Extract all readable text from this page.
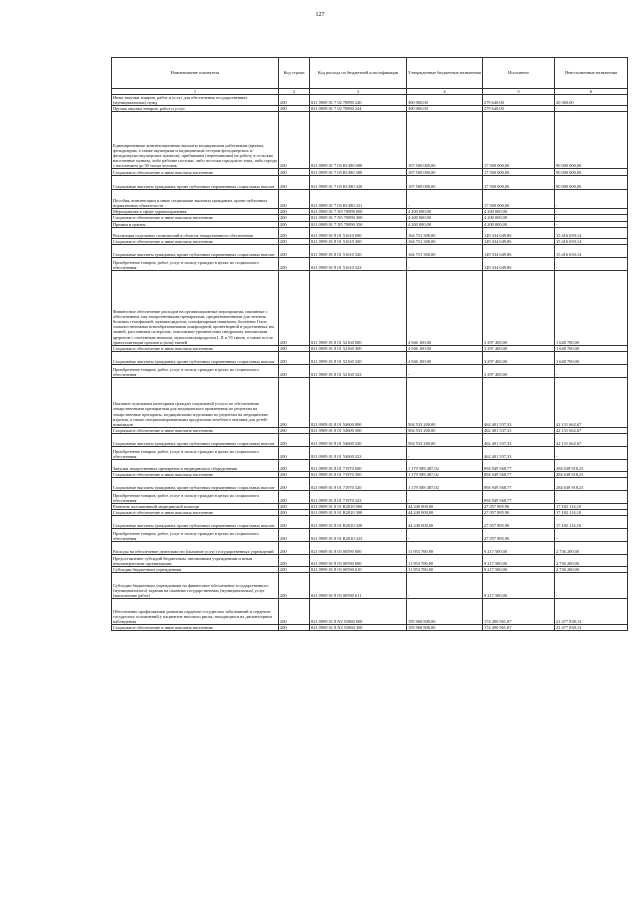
127
Наименование показателя	Код строки	Код расхода по бюджетной классификации	Утвержденные бюджетные назначения	Исполнено	Неисполненные назначения
1	2	3	4	5	6
Иные закупки товаров, работ и услуг для обеспечения государственных (муниципальных) нужд	200	821 0909 01 7 02 70890 240	300 000,00	279 640,00	20 360,00
Прочая закупка товаров, работ и услуг	200	821 0909 01 7 02 70890 244	300 000,00	279 640,00	-
Единовременные компенсационные выплаты медицинским работникам (врачам, фельдшерам, а также акушеркам и медицинским сестрам фельдшерских и фельдшерско-акушерских пунктов), прибывшим (переехавшим) на работу в сельские населенные пункты, либо рабочие поселки, либо поселки городского типа, либо города с населением до 50 тысяч человек	200	821 0909 01 7 03 R1380 000	107 500 000,00	17 500 000,00	90 000 000,00
Социальное обеспечение и иные выплаты населению	200	821 0909 01 7 03 R1380 300	107 500 000,00	17 500 000,00	90 000 000,00
Социальные выплаты гражданам, кроме публичных нормативных социальных выплат	200	821 0909 01 7 03 R1380 320	107 500 000,00	17 500 000,00	90 000 000,00
Пособия, компенсации и иные социальные выплаты гражданам, кроме публичных нормативных обязательств	200	821 0909 01 7 03 R1380 321	-	17 500 000,00	-
Мероприятия в сфере здравоохранения	200	821 0909 01 7 N5 70890 000	4 200 000,00	4 200 000,00	-
Социальное обеспечение и иные выплаты населению	200	821 0909 01 7 N5 70890 300	4 200 000,00	4 200 000,00	-
Премии и гранты	200	821 0909 01 7 N5 70890 350	4 200 000,00	4 200 000,00	-
Реализация отдельных полномочий в области лекарственного обеспечения	200	821 0909 01 8 01 51610 000	164 751 300,00	149 334 649,86	15 416 650,14
Социальное обеспечение и иные выплаты населению	200	821 0909 01 8 01 51610 300	164 751 300,00	149 334 649,86	15 416 650,14
Социальные выплаты гражданам, кроме публичных нормативных социальных выплат	200	821 0909 01 8 01 51610 320	164 751 300,00	149 334 649,86	15 416 650,14
Приобретение товаров, работ, услуг в пользу граждан в целях их социального обеспечения	200	821 0909 01 8 01 51610 323	-	149 334 649,86	-
Финансовое обеспечение расходов на организационные мероприятия, связанные с обеспечением лиц лекарственными препаратами, предназначенными для лечения больных гемофилией, муковисцидозом, гипофизарным нанизмом, болезнью Гоше, злокачественными новообразованиями лимфоидной, кроветворной и родственных им тканей, рассеянным склерозом, гемолитико-уремическим синдромом, юношеским артритом с системным началом, мукополисахаридозом I, II и VI типов, а также после трансплантации органов и (или) тканей	200	821 0909 01 8 01 52160 000	4 946 100,00	3 297 400,00	1 648 700,00
Социальное обеспечение и иные выплаты населению	200	821 0909 01 8 01 52160 300	4 946 100,00	3 297 400,00	1 648 700,00
Социальные выплаты гражданам, кроме публичных нормативных социальных выплат	200	821 0909 01 8 01 52160 320	4 946 100,00	3 297 400,00	1 648 700,00
Приобретение товаров, работ, услуг в пользу граждан в целях их социального обеспечения	200	821 0909 01 8 01 52160 323	-	3 297 400,00	-
Оказание отдельным категориям граждан социальной услуги по обеспечению лекарственными препаратами для медицинского применения по рецептам на лекарственные препараты, медицинскими изделиями по рецептам на медицинские изделия, а также специализированными продуктами лечебного питания для детей-инвалидов	200	821 0909 01 8 01 54600 000	504 533 200,00	462 401 537,33	42 131 662,67
Социальное обеспечение и иные выплаты населению	200	821 0909 01 8 01 54600 300	504 533 200,00	462 401 537,33	42 131 662,67
Социальные выплаты гражданам, кроме публичных нормативных социальных выплат	200	821 0909 01 8 01 54600 320	504 533 200,00	462 401 537,33	42 131 662,67
Приобретение товаров, работ, услуг в пользу граждан в целях их социального обеспечения	200	821 0909 01 8 01 54600 323	-	462 401 537,33	-
Закупки лекарственных препаратов и медицинского оборудования	200	821 0909 01 8 01 71970 000	1 179 588 487,02	894 949 568,77	284 638 918,25
Социальное обеспечение и иные выплаты населению	200	821 0909 01 8 01 71970 300	1 179 588 487,02	894 949 568,77	284 638 918,25
Социальные выплаты гражданам, кроме публичных нормативных социальных выплат	200	821 0909 01 8 01 71970 320	1 179 588 487,02	894 949 568,77	284 638 918,25
Приобретение товаров, работ, услуг в пользу граждан в целях их социального обеспечения	200	821 0909 01 8 01 71970 323	-	894 949 568,77	-
Развитие паллиативной медицинской помощи	200	821 0909 01 8 01 R2010 000	44 240 000,00	27 057 885,90	17 182 114,10
Социальное обеспечение и иные выплаты населению	200	821 0909 01 8 01 R2010 300	44 240 000,00	27 057 885,90	17 182 114,10
Социальные выплаты гражданам, кроме публичных нормативных социальных выплат	200	821 0909 01 8 01 R2010 320	44 240 000,00	27 057 885,90	17 182 114,10
Приобретение товаров, работ, услуг в пользу граждан в целях их социального обеспечения	200	821 0909 01 8 01 R2010 323	-	27 057 885,90	-
Расходы на обеспечение деятельности (оказание услуг) государственных учреждений	200	821 0909 01 8 03 00590 000	11 953 700,00	9 217 500,00	2 736 200,00
Предоставление субсидий бюджетным, автономным учреждениям и иным некоммерческим организациям	200	821 0909 01 8 03 00590 600	11 953 700,00	9 217 500,00	2 736 200,00
Субсидии бюджетным учреждениям	200	821 0909 01 8 03 00590 610	11 953 700,00	9 217 500,00	2 736 200,00
Субсидии бюджетным учреждениям на финансовое обеспечение государственного (муниципального) задания на оказание государственных (муниципальных) услуг (выполнение работ)	200	821 0909 01 8 03 00590 611	-	9 217 500,00	-
Обеспечение профилактики развития сердечно-сосудистых заболеваний и сердечно-сосудистых осложнений у пациентов высокого риска, находящихся на диспансерном наблюдении	200	821 0909 01 8 N2 55860 000	195 968 800,00	174 490 961,87	21 477 838,13
Социальное обеспечение и иные выплаты населению	200	821 0909 01 8 N2 55860 300	195 968 800,00	174 490 961,87	21 477 838,13
